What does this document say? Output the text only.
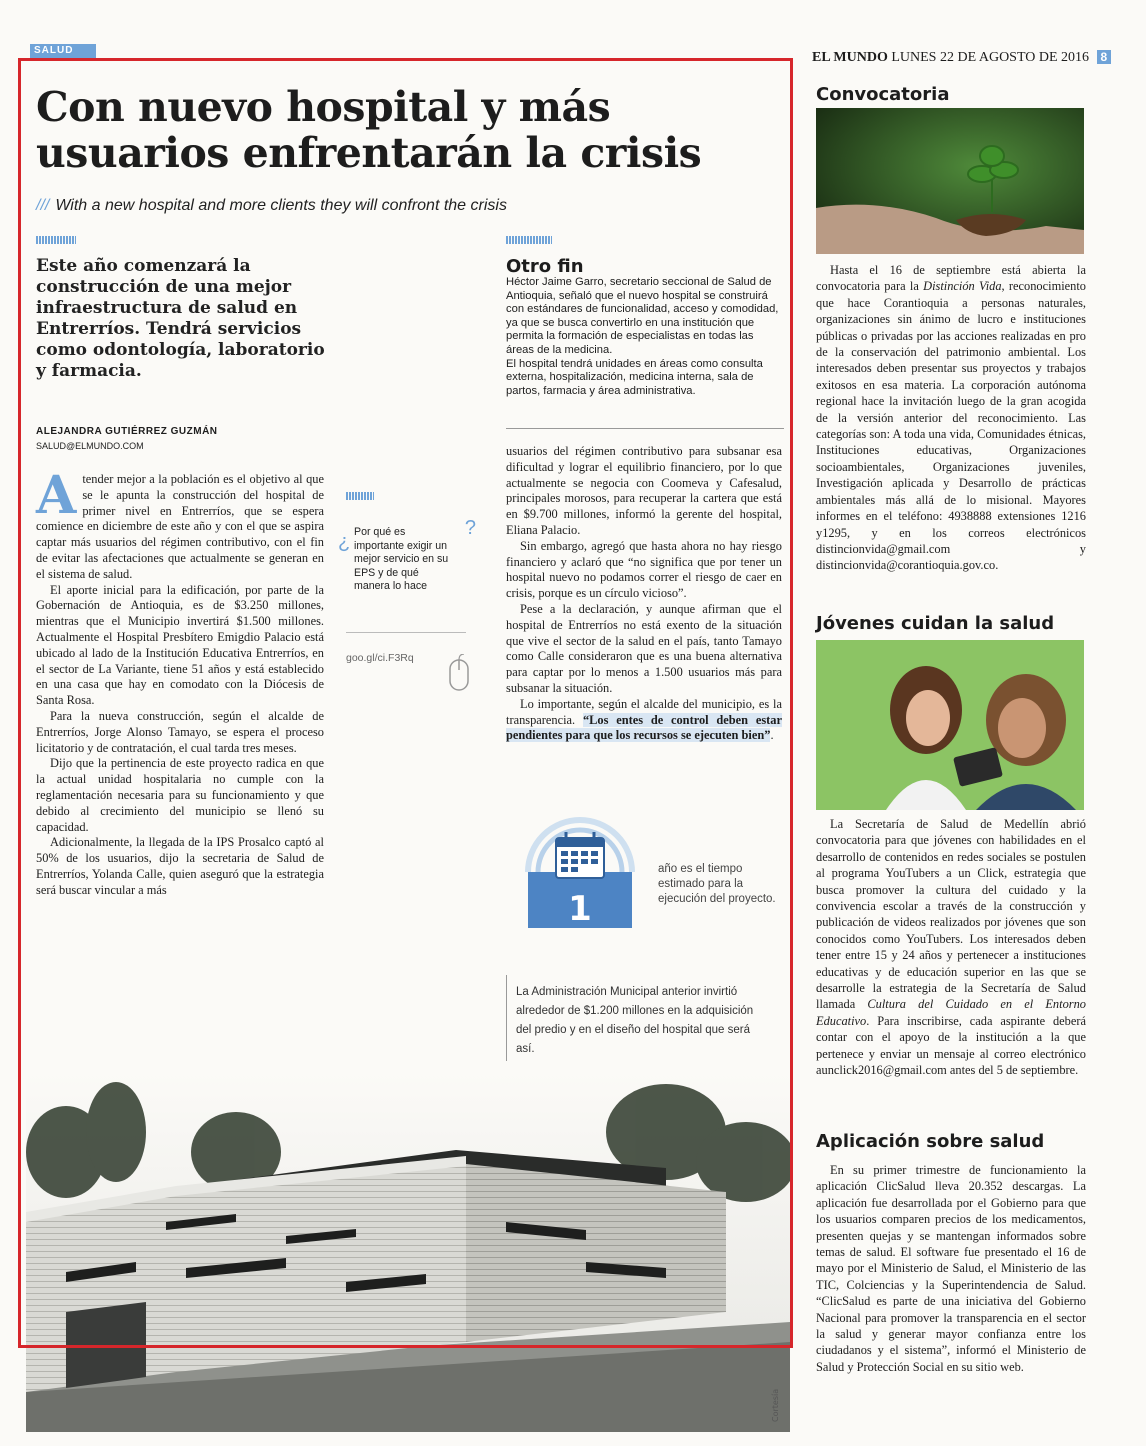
SALUD	EL MUNDO LUNES 22 DE AGOSTO DE 2016 8
Con nuevo hospital y más usuarios enfrentarán la crisis
/// With a new hospital and more clients they will confront the crisis

Este año comenzará la construcción de una mejor infraestructura de salud en Entrerríos. Tendrá servicios como odontología, laboratorio y farmacia.

ALEJANDRA GUTIÉRREZ GUZMÁN
SALUD@ELMUNDO.COM

Atender mejor a la población es el objetivo al que se le apunta la construcción del hospital de primer nivel en Entrerríos, que se espera comience en diciembre de este año y con el que se aspira captar más usuarios del régimen contributivo, con el fin de evitar las afectaciones que actualmente se generan en el sistema de salud.

El aporte inicial para la edificación, por parte de la Gobernación de Antioquia, es de $3.250 millones, mientras que el Municipio invertirá $1.500 millones. Actualmente el Hospital Presbítero Emigdio Palacio está ubicado al lado de la Institución Educativa Entrerríos, en el sector de La Variante, tiene 51 años y está establecido en una casa que hay en comodato con la Diócesis de Santa Rosa.

Para la nueva construcción, según el alcalde de Entrerríos, Jorge Alonso Tamayo, se espera el proceso licitatorio y de contratación, el cual tarda tres meses.

Dijo que la pertinencia de este proyecto radica en que la actual unidad hospitalaria no cumple con la reglamentación necesaria para su funcionamiento y que debido al crecimiento del municipio se llenó su capacidad.

Adicionalmente, la llegada de la IPS Prosalco captó al 50% de los usuarios, dijo la secretaria de Salud de Entrerríos, Yolanda Calle, quien aseguró que la estrategia será buscar vincular a más

Otro fin

Héctor Jaime Garro, secretario seccional de Salud de Antioquia, señaló que el nuevo hospital se construirá con estándares de funcionalidad, acceso y comodidad, ya que se busca convertirlo en una institución que permita la formación de especialistas en todas las áreas de la medicina.

El hospital tendrá unidades en áreas como consulta externa, hospitalización, medicina interna, sala de partos, farmacia y área administrativa.

¿ Por qué es importante exigir un mejor servicio en su EPS y de qué manera lo hace
?
goo.gl/ci.F3Rq

usuarios del régimen contributivo para subsanar esa dificultad y lograr el equilibrio financiero, por lo que actualmente se negocia con Coomeva y Cafesalud, principales morosos, para recuperar la cartera que está en $9.700 millones, informó la gerente del hospital, Eliana Palacio.

Sin embargo, agregó que hasta ahora no hay riesgo financiero y aclaró que “no significa que por tener un hospital nuevo no podamos correr el riesgo de caer en crisis, porque es un círculo vicioso”.

Pese a la declaración, y aunque afirman que el hospital de Entrerríos no está exento de la situación que vive el sector de la salud en el país, tanto Tamayo como Calle consideraron que es una buena alternativa para captar por lo menos a 1.500 usuarios más para subsanar la situación.

Lo importante, según el alcalde del municipio, es la transparencia. “Los entes de control deben estar pendientes para que los recursos se ejecuten bien”.

1
año es el tiempo estimado para la ejecución del proyecto.
La Administración Municipal anterior invirtió alrededor de $1.200 millones en la adquisición del predio y en el diseño del hospital que será así.
Cortesía
Convocatoria

Hasta el 16 de septiembre está abierta la convocatoria para la Distinción Vida, reconocimiento que hace Corantioquia a personas naturales, organizaciones sin ánimo de lucro e instituciones públicas o privadas por las acciones realizadas en pro de la conservación del patrimonio ambiental. Los interesados deben presentar sus proyectos y trabajos exitosos en esa materia. La corporación autónoma regional hace la invitación luego de la gran acogida de la versión anterior del reconocimiento. Las categorías son: A toda una vida, Comunidades étnicas, Instituciones educativas, Organizaciones socioambientales, Organizaciones juveniles, Investigación aplicada y Desarrollo de prácticas ambientales más allá de lo misional. Mayores informes en el teléfono: 4938888 extensiones 1216 y1295, y en los correos electrónicos distincionvida@gmail.com y distincionvida@corantioquia.gov.co.

Jóvenes cuidan la salud

La Secretaría de Salud de Medellín abrió convocatoria para que jóvenes con habilidades en el desarrollo de contenidos en redes sociales se postulen al programa YouTubers a un Click, estrategia que busca promover la cultura del cuidado y la convivencia escolar a través de la construcción y publicación de videos realizados por jóvenes que son conocidos como YouTubers. Los interesados deben tener entre 15 y 24 años y pertenecer a instituciones educativas y de educación superior en las que se desarrolle la estrategia de la Secretaría de Salud llamada Cultura del Cuidado en el Entorno Educativo. Para inscribirse, cada aspirante deberá contar con el apoyo de la institución a la que pertenece y enviar un mensaje al correo electrónico aunclick2016@gmail.com antes del 5 de septiembre.

Aplicación sobre salud

En su primer trimestre de funcionamiento la aplicación ClicSalud lleva 20.352 descargas. La aplicación fue desarrollada por el Gobierno para que los usuarios comparen precios de los medicamentos, presenten quejas y se mantengan informados sobre temas de salud. El software fue presentado el 16 de mayo por el Ministerio de Salud, el Ministerio de las TIC, Colciencias y la Superintendencia de Salud. “ClicSalud es parte de una iniciativa del Gobierno Nacional para promover la transparencia en el sector la salud y generar mayor confianza entre los ciudadanos y el sistema”, informó el Ministerio de Salud y Protección Social en su sitio web.
